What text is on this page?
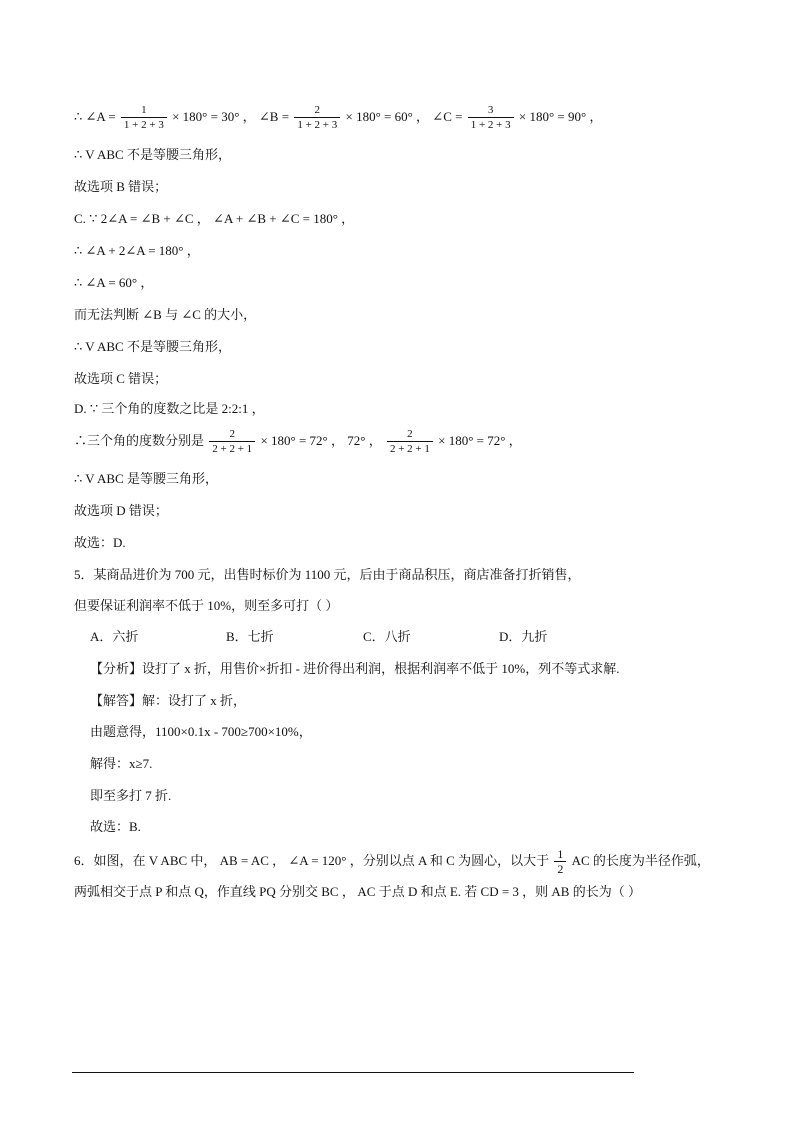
∴ ∠A = $\frac{1}{1 + 2 + 3} \times 180^\circ = 30^\circ$ ， ∠B = $\frac{2}{1 + 2 + 3} \times 180^\circ = 60^\circ$ ， ∠C = $\frac{3}{1 + 2 + 3} \times 180^\circ = 90^\circ$ ，
∴ V ABC 不是等腰三角形，
故选项 B 错误；
C. ∵ 2∠A = ∠B + ∠C ， ∠A + ∠B + ∠C = 180° ，
∴ ∠A + 2∠A = 180° ，
∴ ∠A = 60° ，
而无法判断 ∠B 与 ∠C 的大小，
∴ V ABC 不是等腰三角形，
故选项 C 错误；
D. ∵ 三个角的度数之比是 2:2:1 ，
∴三个角的度数分别是 $\frac{2}{2 + 2 + 1} \times 180^\circ = 72^\circ$ ， 72° ， $\frac{2}{2 + 2 + 1} \times 180^\circ = 72^\circ$ ，
∴ V ABC 是等腰三角形，
故选项 D 错误；
故选：D.
5．某商品进价为 700 元，出售时标价为 1100 元，后由于商品积压，商店准备打折销售，
但要保证利润率不低于 10%，则至多可打（ ）
A．六折	B．七折	C．八折	D．九折
【分析】设打了 x 折，用售价×折扣 - 进价得出利润，根据利润率不低于 10%，列不等式求解.
【解答】解：设打了 x 折，
由题意得，1100×0.1x - 700≥700×10%，
解得：x≥7.
即至多打 7 折.
故选：B.
6．如图，在 V ABC 中， AB = AC ， ∠A = 120° ，分别以点 A 和 C 为圆心，以大于 $\frac{1}{2}$ AC 的长度为半径作弧，
两弧相交于点 P 和点 Q，作直线 PQ 分别交 BC ， AC 于点 D 和点 E. 若 CD = 3 ，则 AB 的长为（ ）
